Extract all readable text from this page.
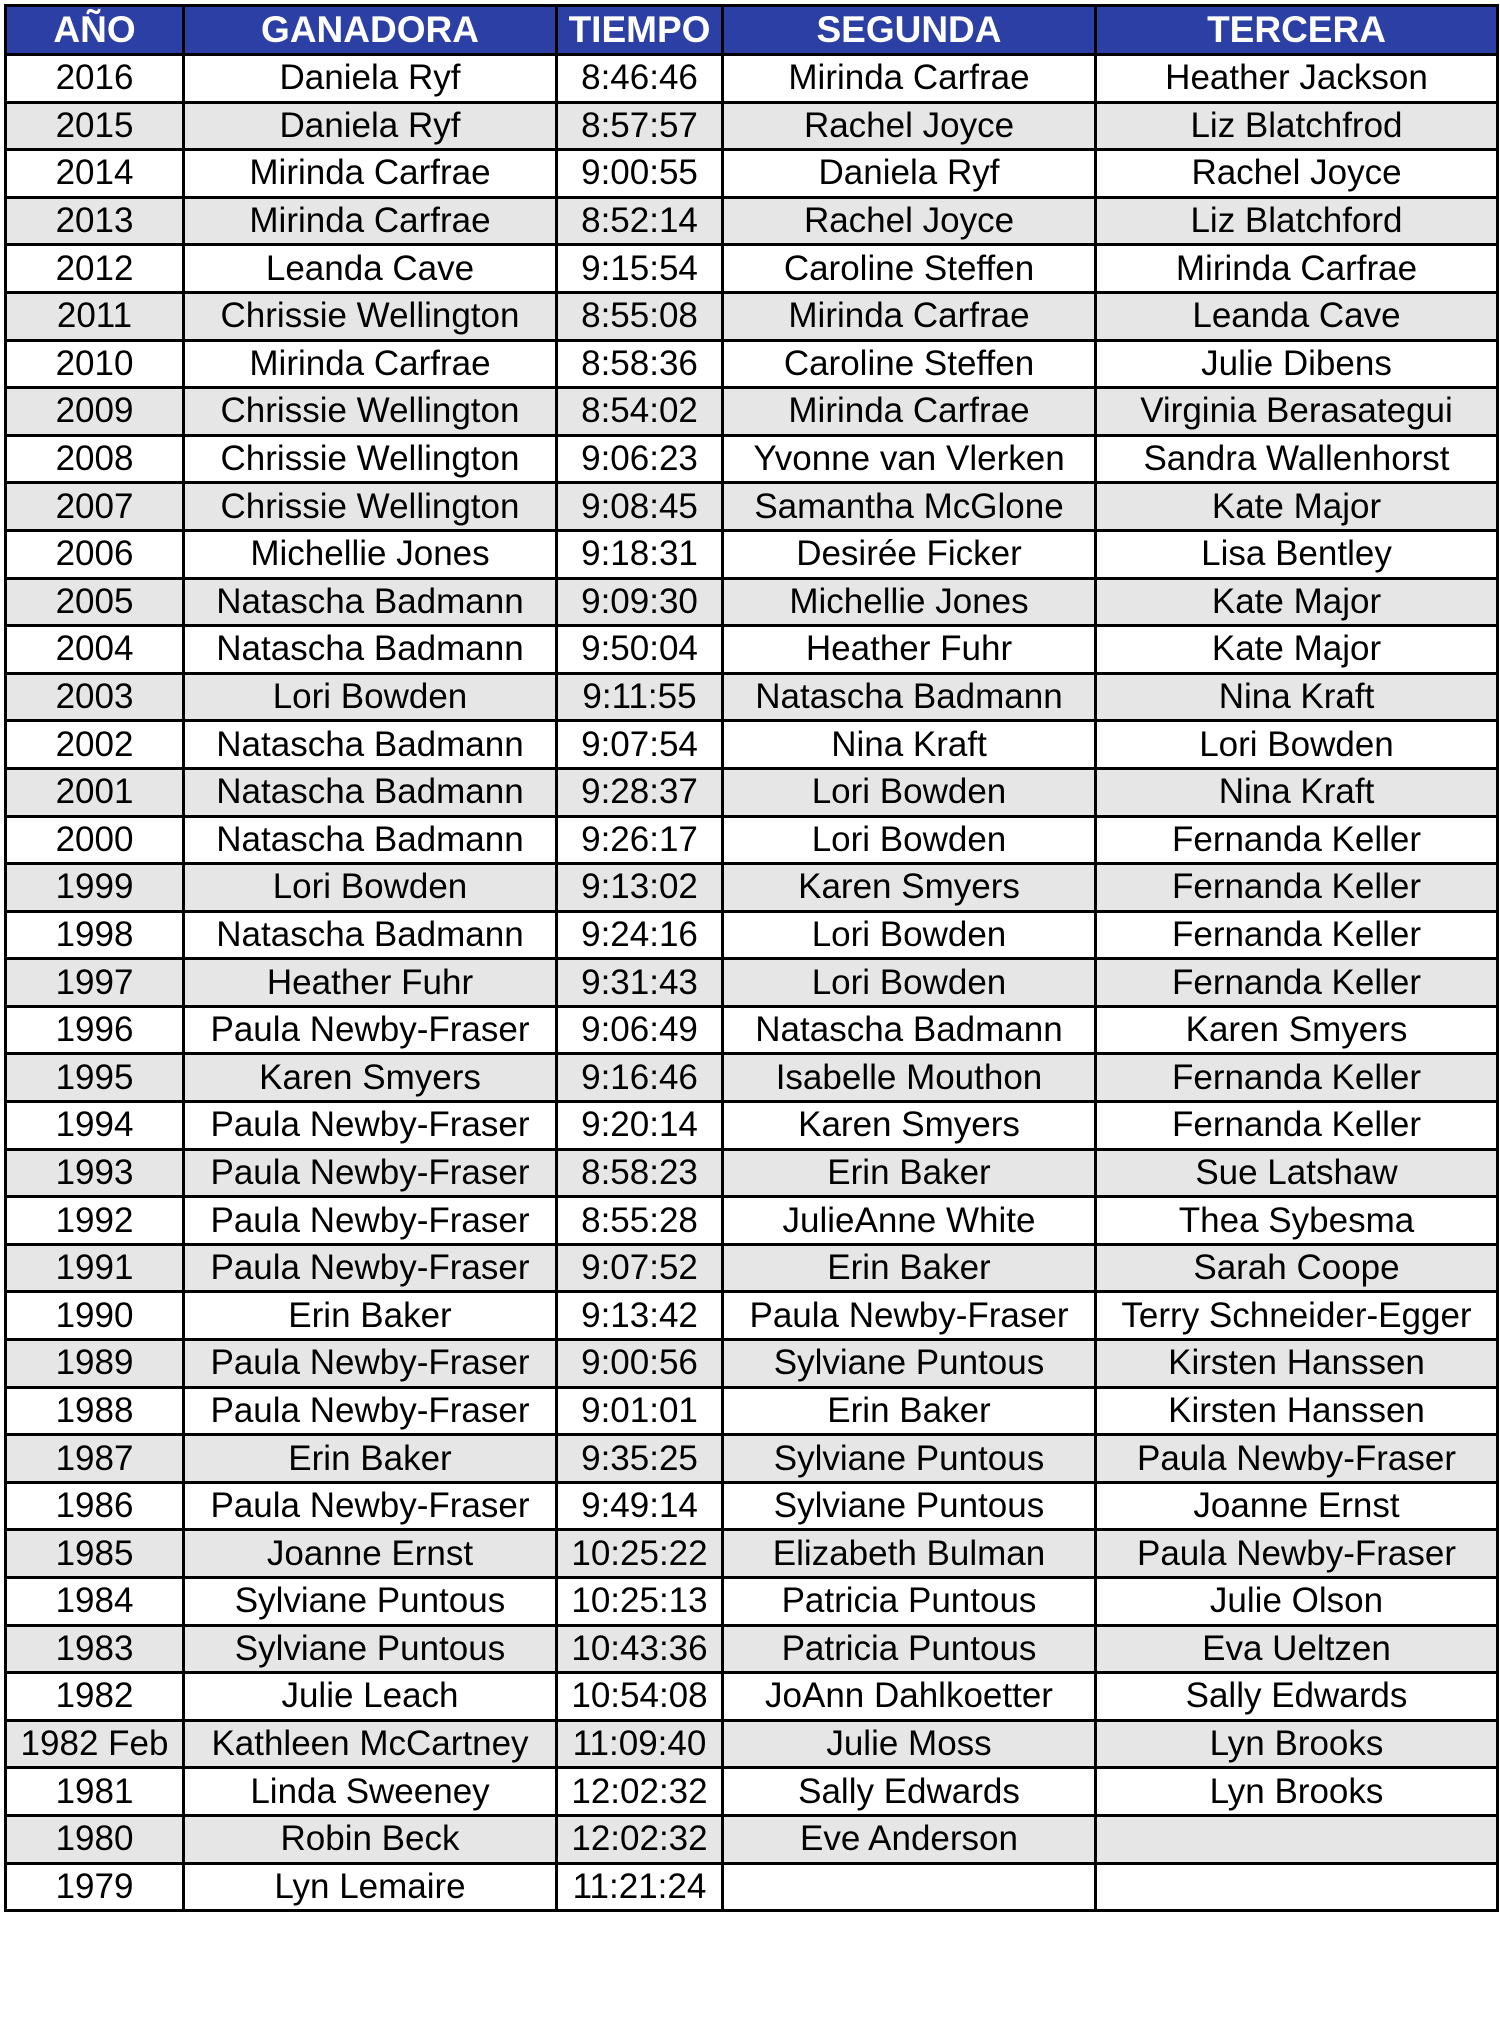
AÑO	GANADORA	TIEMPO	SEGUNDA	TERCERA
2016	Daniela Ryf	8:46:46	Mirinda Carfrae	Heather Jackson
2015	Daniela Ryf	8:57:57	Rachel Joyce	Liz Blatchfrod
2014	Mirinda Carfrae	9:00:55	Daniela Ryf	Rachel Joyce
2013	Mirinda Carfrae	8:52:14	Rachel Joyce	Liz Blatchford
2012	Leanda Cave	9:15:54	Caroline Steffen	Mirinda Carfrae
2011	Chrissie Wellington	8:55:08	Mirinda Carfrae	Leanda Cave
2010	Mirinda Carfrae	8:58:36	Caroline Steffen	Julie Dibens
2009	Chrissie Wellington	8:54:02	Mirinda Carfrae	Virginia Berasategui
2008	Chrissie Wellington	9:06:23	Yvonne van Vlerken	Sandra Wallenhorst
2007	Chrissie Wellington	9:08:45	Samantha McGlone	Kate Major
2006	Michellie Jones	9:18:31	Desirée Ficker	Lisa Bentley
2005	Natascha Badmann	9:09:30	Michellie Jones	Kate Major
2004	Natascha Badmann	9:50:04	Heather Fuhr	Kate Major
2003	Lori Bowden	9:11:55	Natascha Badmann	Nina Kraft
2002	Natascha Badmann	9:07:54	Nina Kraft	Lori Bowden
2001	Natascha Badmann	9:28:37	Lori Bowden	Nina Kraft
2000	Natascha Badmann	9:26:17	Lori Bowden	Fernanda Keller
1999	Lori Bowden	9:13:02	Karen Smyers	Fernanda Keller
1998	Natascha Badmann	9:24:16	Lori Bowden	Fernanda Keller
1997	Heather Fuhr	9:31:43	Lori Bowden	Fernanda Keller
1996	Paula Newby-Fraser	9:06:49	Natascha Badmann	Karen Smyers
1995	Karen Smyers	9:16:46	Isabelle Mouthon	Fernanda Keller
1994	Paula Newby-Fraser	9:20:14	Karen Smyers	Fernanda Keller
1993	Paula Newby-Fraser	8:58:23	Erin Baker	Sue Latshaw
1992	Paula Newby-Fraser	8:55:28	JulieAnne White	Thea Sybesma
1991	Paula Newby-Fraser	9:07:52	Erin Baker	Sarah Coope
1990	Erin Baker	9:13:42	Paula Newby-Fraser	Terry Schneider-Egger
1989	Paula Newby-Fraser	9:00:56	Sylviane Puntous	Kirsten Hanssen
1988	Paula Newby-Fraser	9:01:01	Erin Baker	Kirsten Hanssen
1987	Erin Baker	9:35:25	Sylviane Puntous	Paula Newby-Fraser
1986	Paula Newby-Fraser	9:49:14	Sylviane Puntous	Joanne Ernst
1985	Joanne Ernst	10:25:22	Elizabeth Bulman	Paula Newby-Fraser
1984	Sylviane Puntous	10:25:13	Patricia Puntous	Julie Olson
1983	Sylviane Puntous	10:43:36	Patricia Puntous	Eva Ueltzen
1982	Julie Leach	10:54:08	JoAnn Dahlkoetter	Sally Edwards
1982 Feb	Kathleen McCartney	11:09:40	Julie Moss	Lyn Brooks
1981	Linda Sweeney	12:02:32	Sally Edwards	Lyn Brooks
1980	Robin Beck	12:02:32	Eve Anderson	
1979	Lyn Lemaire	11:21:24		
